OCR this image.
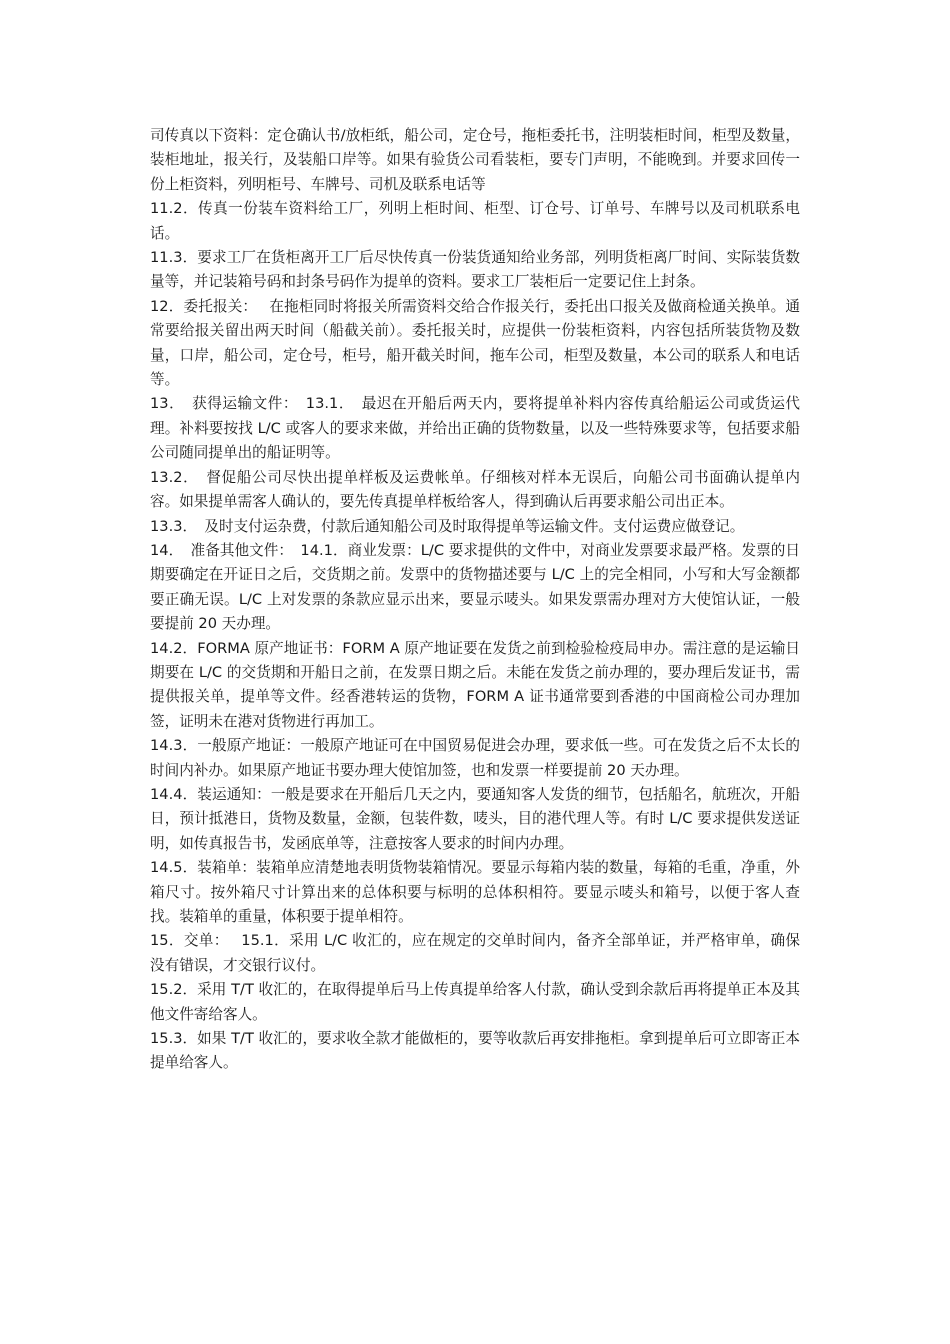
司传真以下资料：定仓确认书/放柜纸，船公司，定仓号，拖柜委托书，注明装柜时间，柜型及数量，装柜地址，报关行，及装船口岸等。如果有验货公司看装柜，要专门声明，不能晚到。并要求回传一份上柜资料，列明柜号、车牌号、司机及联系电话等

11.2．传真一份装车资料给工厂，列明上柜时间、柜型、订仓号、订单号、车牌号以及司机联系电话。

11.3．要求工厂在货柜离开工厂后尽快传真一份装货通知给业务部，列明货柜离厂时间、实际装货数量等，并记装箱号码和封条号码作为提单的资料。要求工厂装柜后一定要记住上封条。

12．委托报关：　 在拖柜同时将报关所需资料交给合作报关行，委托出口报关及做商检通关换单。通常要给报关留出两天时间（船截关前）。委托报关时，应提供一份装柜资料，内容包括所装货物及数量，口岸，船公司，定仓号，柜号，船开截关时间，拖车公司，柜型及数量，本公司的联系人和电话等。

13．　获得运输文件：　13.1．　最迟在开船后两天内，要将提单补料内容传真给船运公司或货运代理。补料要按找 L/C 或客人的要求来做，并给出正确的货物数量，以及一些特殊要求等，包括要求船公司随同提单出的船证明等。

13.2．　督促船公司尽快出提单样板及运费帐单。仔细核对样本无误后，向船公司书面确认提单内容。如果提单需客人确认的，要先传真提单样板给客人，得到确认后再要求船公司出正本。

13.3．　及时支付运杂费，付款后通知船公司及时取得提单等运输文件。支付运费应做登记。

14．　准备其他文件：　14.1．商业发票：L/C 要求提供的文件中，对商业发票要求最严格。发票的日期要确定在开证日之后，交货期之前。发票中的货物描述要与 L/C 上的完全相同，小写和大写金额都要正确无误。L/C 上对发票的条款应显示出来，要显示唛头。如果发票需办理对方大使馆认证，一般要提前 20 天办理。

14.2．FORMA 原产地证书：FORM A 原产地证要在发货之前到检验检疫局申办。需注意的是运输日期要在 L/C 的交货期和开船日之前，在发票日期之后。未能在发货之前办理的，要办理后发证书，需提供报关单，提单等文件。经香港转运的货物，FORM A 证书通常要到香港的中国商检公司办理加签，证明未在港对货物进行再加工。

14.3．一般原产地证：一般原产地证可在中国贸易促进会办理，要求低一些。可在发货之后不太长的时间内补办。如果原产地证书要办理大使馆加签，也和发票一样要提前 20 天办理。

14.4．装运通知：一般是要求在开船后几天之内，要通知客人发货的细节，包括船名，航班次，开船日，预计抵港日，货物及数量，金额，包装件数，唛头，目的港代理人等。有时 L/C 要求提供发送证明，如传真报告书，发函底单等，注意按客人要求的时间内办理。

14.5．装箱单：装箱单应清楚地表明货物装箱情况。要显示每箱内装的数量，每箱的毛重，净重，外箱尺寸。按外箱尺寸计算出来的总体积要与标明的总体积相符。要显示唛头和箱号，以便于客人查找。装箱单的重量，体积要于提单相符。

15．交单：　 15.1．采用 L/C 收汇的，应在规定的交单时间内，备齐全部单证，并严格审单，确保没有错误，才交银行议付。

15.2．采用 T/T 收汇的，在取得提单后马上传真提单给客人付款，确认受到余款后再将提单正本及其他文件寄给客人。

15.3．如果 T/T 收汇的，要求收全款才能做柜的，要等收款后再安排拖柜。拿到提单后可立即寄正本提单给客人。
